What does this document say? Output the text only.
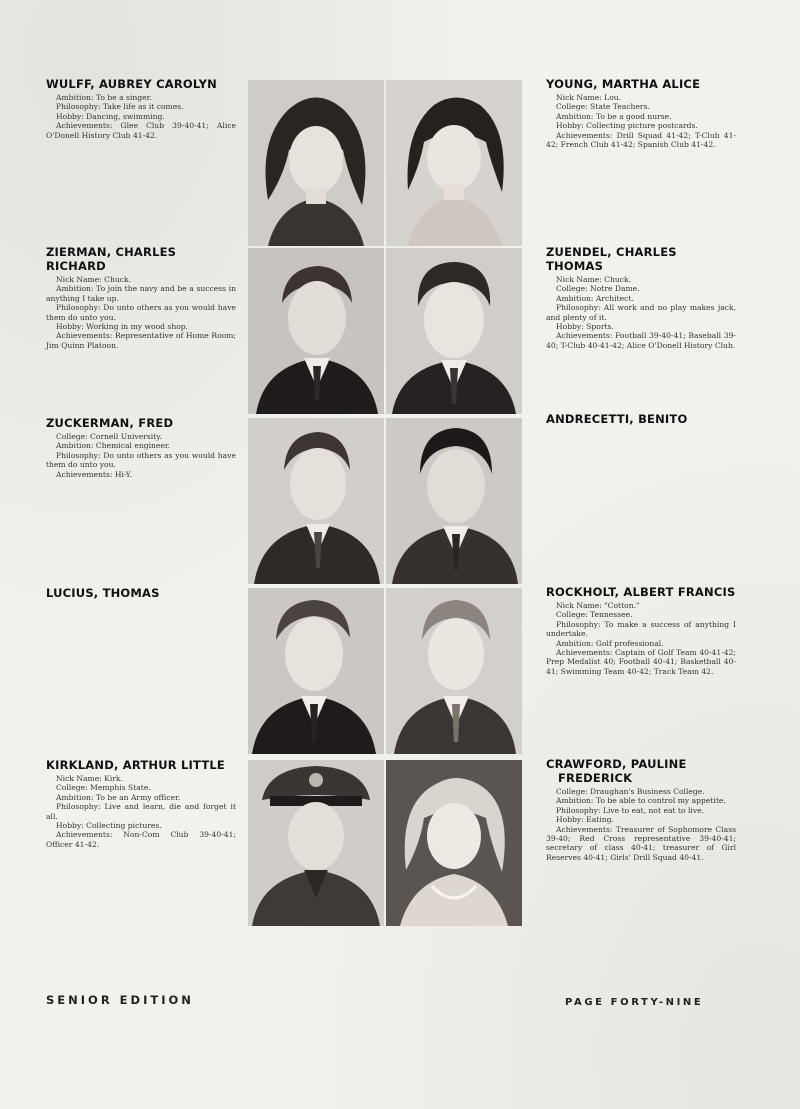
WULFF, AUBREY CAROLYN
Ambition: To be a singer.
Philosophy: Take life as it comes.
Hobby: Dancing, swimming.
Achievements: Glee Club 39-40-41; Alice O'Donell History Club 41-42.
ZIERMAN, CHARLES RICHARD
Nick Name: Chuck.
Ambition: To join the navy and be a success in anything I take up.
Philosophy: Do unto others as you would have them do unto you.
Hobby: Working in my wood shop.
Achievements: Representative of Home Room; Jim Quinn Platoon.
ZUCKERMAN, FRED
College: Cornell University.
Ambition: Chemical engineer.
Philosophy: Do unto others as you would have them do unto you.
Achievements: Hi-Y.
LUCIUS, THOMAS
KIRKLAND, ARTHUR LITTLE
Nick Name: Kirk.
College: Memphis State.
Ambition: To be an Army officer.
Philosophy: Live and learn, die and forget it all.
Hobby: Collecting pictures.
Achievements: Non-Com Club 39-40-41; Officer 41-42.
YOUNG, MARTHA ALICE
Nick Name: Lou.
College: State Teachers.
Ambition: To be a good nurse.
Hobby: Collecting picture postcards.
Achievements: Drill Squad 41-42; T-Club 41-42; French Club 41-42; Spanish Club 41-42.
ZUENDEL, CHARLES THOMAS
Nick Name: Chuck.
College: Notre Dame.
Ambition: Architect.
Philosophy: All work and no play makes jack, and plenty of it.
Hobby: Sports.
Achievements: Football 39-40-41; Baseball 39-40; T-Club 40-41-42; Alice O'Donell History Club.
ANDRECETTI, BENITO
ROCKHOLT, ALBERT FRANCIS
Nick Name: "Cotton."
College: Tennessee.
Philosophy: To make a success of anything I undertake.
Ambition: Golf professional.
Achievements: Captain of Golf Team 40-41-42; Prep Medalist 40; Football 40-41; Basketball 40-41; Swimming Team 40-42; Track Team 42.
CRAWFORD, PAULINE
FREDERICK
College: Draughan's Business College.
Ambition: To be able to control my appetite.
Philosophy: Live to eat, not eat to live.
Hobby: Eating.
Achievements: Treasurer of Sophomore Class 39-40; Red Cross representative 39-40-41; secretary of class 40-41; treasurer of Girl Reserves 40-41; Girls' Drill Squad 40-41.
SENIOR EDITION	PAGE FORTY-NINE
